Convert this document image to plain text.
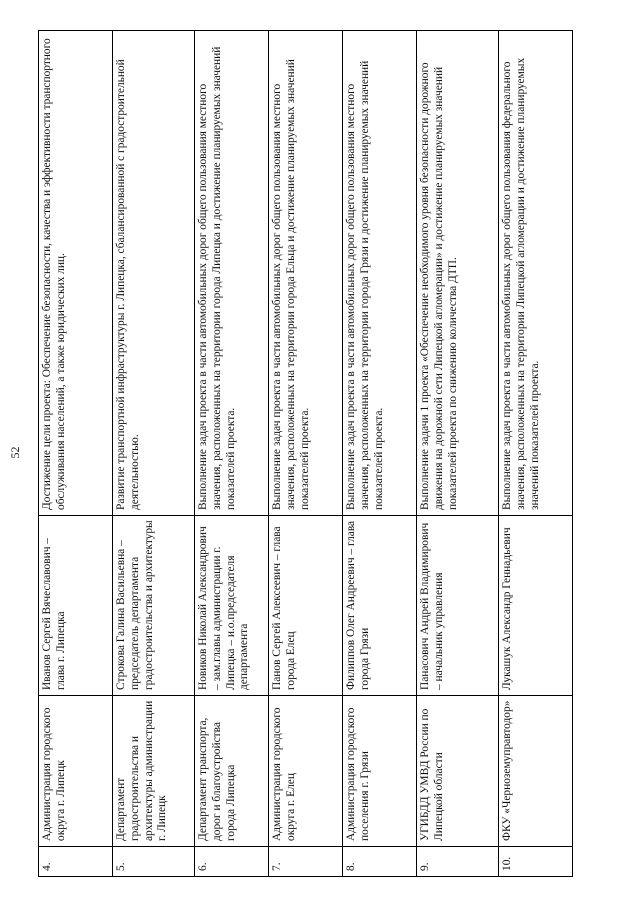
52
4.	Администрация городского округа г. Липецк	Иванов Сергей Вячеславович – глава г. Липецка	Достижение цели проекта: Обеспечение безопасности, качества и эффективности транспортного обслуживания населений, а также юридических лиц.
5.	Департамент градостроительства и архитектуры администрации г. Липецк	Строкова Галина Васильевна – председатель департамента градостроительства и архитектуры	Развитие транспортной инфраструктуры г. Липецка, сбалансированной с градостроительной деятельностью.
6.	Департамент транспорта, дорог и благоустройства города Липецка	Новиков Николай Александрович – зам.главы администрации г. Липецка – и.о.председателя департамента	Выполнение задач проекта в части автомобильных дорог общего пользования местного значения, расположенных на территории города Липецка и достижение планируемых значений показателей проекта.
7.	Администрация городского округа г. Елец	Панов Сергей Алексеевич – глава города Елец	Выполнение задач проекта в части автомобильных дорог общего пользования местного значения, расположенных на территории города Ельца и достижение планируемых значений показателей проекта.
8.	Администрация городского поселения г. Грязи	Филиппов Олег Андреевич – глава города Грязи	Выполнение задач проекта в части автомобильных дорог общего пользования местного значения, расположенных на территории города Грязи и достижение планируемых значений показателей проекта.
9.	УГИБДД УМВД России по Липецкой области	Панасович Андрей Владимирович – начальник управления	Выполнение задачи 1 проекта «Обеспечение необходимого уровня безопасности дорожного движения на дорожной сети Липецкой агломерации» и достижение планируемых значений показателей проекта по снижению количества ДТП.
10.	ФКУ «Черноземуправтодор»	Лукашук Александр Геннадьевич	Выполнение задач проекта в части автомобильных дорог общего пользования федерального значения, расположенных на территории Липецкой агломерации и достижение планируемых значений показателей проекта.
